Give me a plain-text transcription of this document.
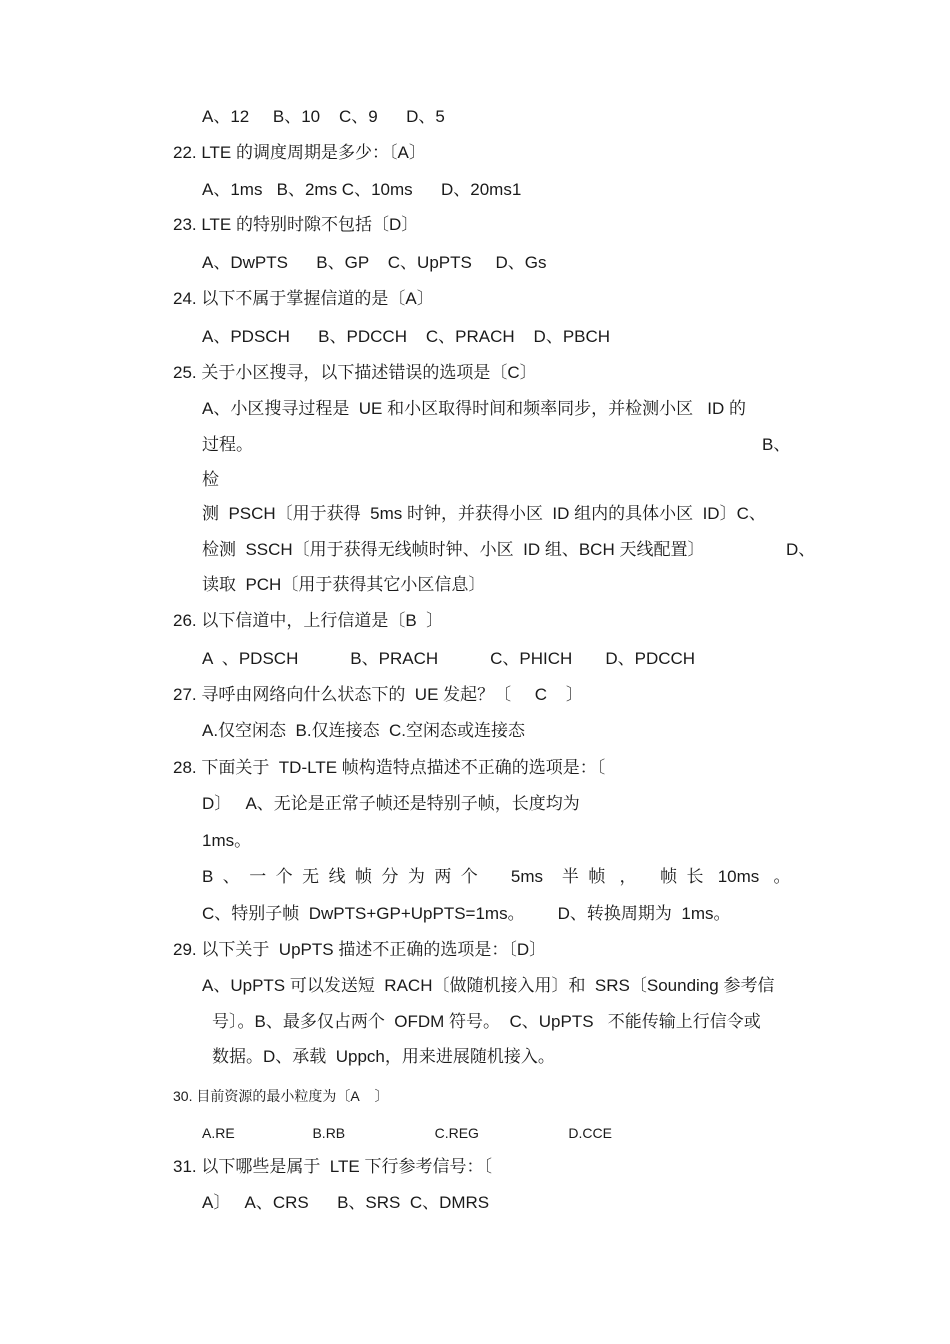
A、12     B、10    C、9      D、5
22. LTE 的调度周期是多少：〔A〕
A、1ms   B、2ms C、10ms      D、20ms1
23. LTE 的特别时隙不包括〔D〕
A、DwPTS      B、GP    C、UpPTS     D、Gs
24. 以下不属于掌握信道的是〔A〕
A、PDSCH      B、PDCCH    C、PRACH    D、PBCH
25. 关于小区搜寻，以下描述错误的选项是〔C〕
A、小区搜寻过程是  UE 和小区取得时间和频率同步，并检测小区   ID 的
过程。	B、
检
测  PSCH〔用于获得  5ms 时钟，并获得小区  ID 组内的具体小区  ID〕C、
检测  SSCH〔用于获得无线帧时钟、小区  ID 组、BCH 天线配置〕	D、
读取  PCH〔用于获得其它小区信息〕
26. 以下信道中，上行信道是〔B  〕
A  、PDSCH           B、PRACH           C、PHICH       D、PDCCH
27. 寻呼由网络向什么状态下的  UE 发起？〔     C    〕
A.仅空闲态  B.仅连接态  C.空闲态或连接态
28. 下面关于  TD-LTE 帧构造特点描述不正确的选项是：〔
D〕   A、无论是正常子帧还是特别子帧，长度均为
1ms。
B  、  一  个  无  线  帧  分  为  两  个       5ms    半  帧   ，     帧  长   10ms   。
C、特别子帧  DwPTS+GP+UpPTS=1ms。       D、转换周期为  1ms。
29. 以下关于  UpPTS 描述不正确的选项是：〔D〕
A、UpPTS 可以发送短  RACH〔做随机接入用〕和  SRS〔Sounding 参考信
号〕。B、最多仅占两个  OFDM 符号。  C、UpPTS   不能传输上行信令或
数据。D、承载  Uppch，用来进展随机接入。
30. 目前资源的最小粒度为〔A    〕
A.RE                    B.RB                       C.REG                       D.CCE
31. 以下哪些是属于  LTE 下行参考信号：〔
A〕   A、CRS      B、SRS  C、DMRS
